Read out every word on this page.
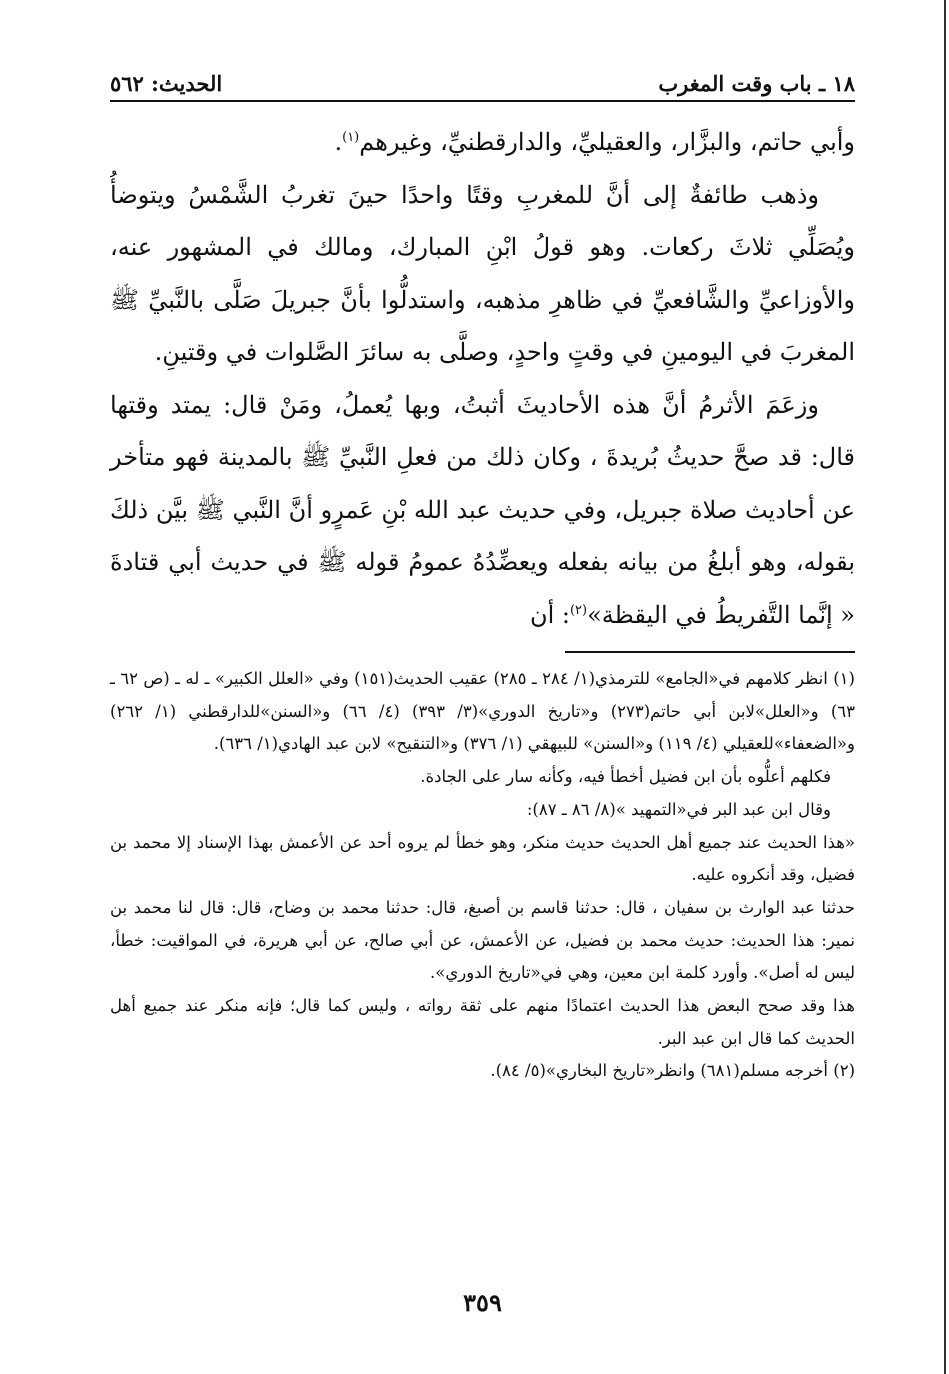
١٨ ـ باب وقت المغرب
الحديث: ٥٦٢

وأبي حاتم، والبزَّار، والعقيليِّ، والدارقطنيِّ، وغيرهم$^{(١)}$.

وذهب طائفةٌ إلى أنَّ للمغربِ وقتًا واحدًا حينَ تغربُ الشَّمْسُ ويتوضأُ ويُصَلِّي ثلاثَ ركعات. وهو قولُ ابْنِ المبارك، ومالك في المشهور عنه، والأوزاعيِّ والشَّافعيِّ في ظاهرِ مذهبه، واستدلُّوا بأنَّ جبريلَ صَلَّى بالنَّبيِّ ﷺ المغربَ في اليومينِ في وقتٍ واحدٍ، وصلَّى به سائرَ الصَّلوات في وقتينِ.

وزعَمَ الأثرمُ أنَّ هذه الأحاديثَ أثبتُ، وبها يُعملُ، ومَنْ قال: يمتد وقتها قال: قد صحَّ حديثُ بُريدةَ ، وكان ذلك من فعلِ النَّبيِّ ﷺ بالمدينة فهو متأخر عن أحاديث صلاة جبريل، وفي حديث عبد الله بْنِ عَمرٍو أنَّ النَّبي ﷺ بيَّن ذلكَ بقوله، وهو أبلغُ من بيانه بفعله ويعضِّدُهُ عمومُ قوله ﷺ في حديث أبي قتادةَ « إنَّما التَّفريطُ في اليقظة»$^{(٢)}$: أن

(١) انظر كلامهم في«الجامع» للترمذي(١/ ٢٨٤ ـ ٢٨٥) عقيب الحديث(١٥١) وفي «العلل الكبير» ـ له ـ (ص ٦٢ ـ ٦٣) و«العلل»لابن أبي حاتم(٢٧٣) و«تاريخ الدوري»(٣/ ٣٩٣) (٤/ ٦٦) و«السنن»للدارقطني (١/ ٢٦٢) و«الضعفاء»للعقيلي (٤/ ١١٩) و«السنن» للبيهقي (١/ ٣٧٦) و«التنقيح» لابن عبد الهادي(١/ ٦٣٦).

فكلهم أعلُّوه بأن ابن فضيل أخطأ فيه، وكأنه سار على الجادة.

وقال ابن عبد البر في«التمهيد »(٨/ ٨٦ ـ ٨٧):

«هذا الحديث عند جميع أهل الحديث حديث منكر، وهو خطأ لم يروه أحد عن الأعمش بهذا الإسناد إلا محمد بن فضيل، وقد أنكروه عليه.

حدثنا عبد الوارث بن سفيان ، قال: حدثنا قاسم بن أصبغ، قال: حدثنا محمد بن وضاح، قال: قال لنا محمد بن نمير: هذا الحديث: حديث محمد بن فضيل، عن الأعمش، عن أبي صالح، عن أبي هريرة، في المواقيت: خطأ، ليس له أصل». وأورد كلمة ابن معين، وهي في«تاريخ الدوري».

هذا وقد صحح البعض هذا الحديث اعتمادًا منهم على ثقة رواته ، وليس كما قال؛ فإنه منكر عند جميع أهل الحديث كما قال ابن عبد البر.

(٢) أخرجه مسلم(٦٨١) وانظر«تاريخ البخاري»(٥/ ٨٤).

٣٥٩
